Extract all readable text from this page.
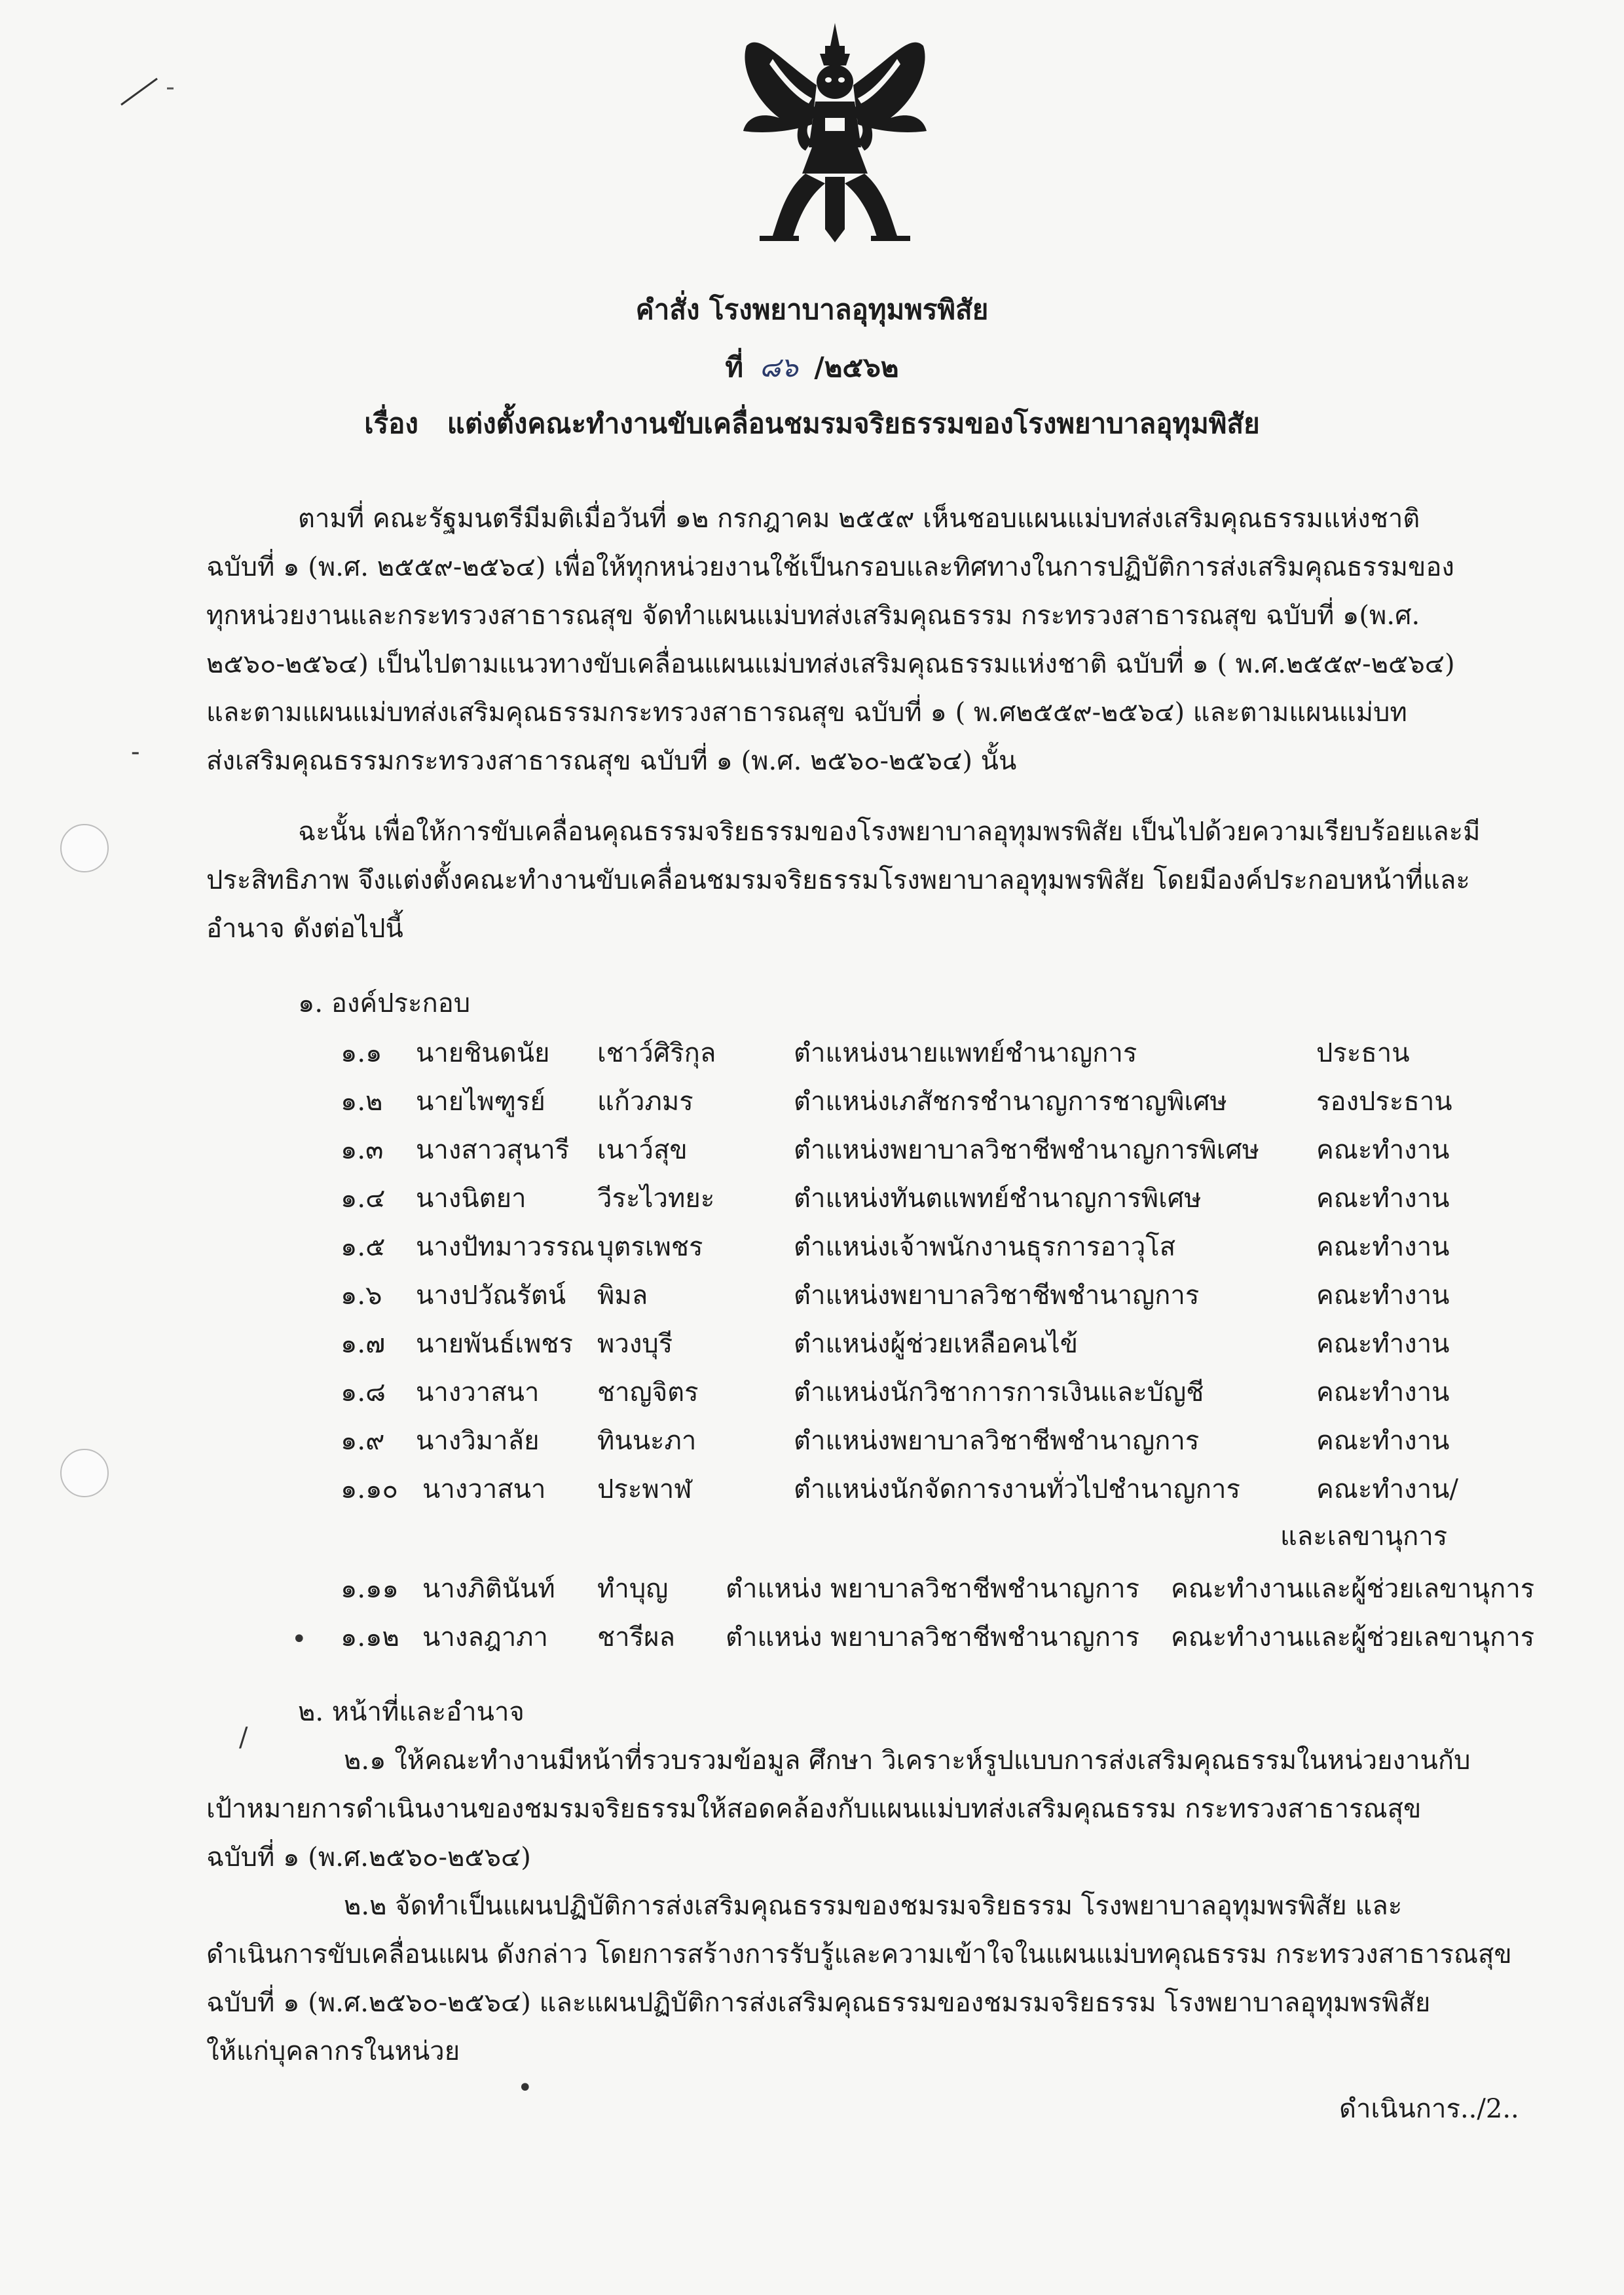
คำสั่ง โรงพยาบาลอุทุมพรพิสัย
ที่ ๘๖ /๒๕๖๒
เรื่อง แต่งตั้งคณะทำงานขับเคลื่อนชมรมจริยธรรมของโรงพยาบาลอุทุมพิสัย
ตามที่ คณะรัฐมนตรีมีมติเมื่อวันที่ ๑๒ กรกฎาคม ๒๕๕๙ เห็นชอบแผนแม่บทส่งเสริมคุณธรรมแห่งชาติ
ฉบับที่ ๑ (พ.ศ. ๒๕๕๙-๒๕๖๔) เพื่อให้ทุกหน่วยงานใช้เป็นกรอบและทิศทางในการปฏิบัติการส่งเสริมคุณธรรมของ
ทุกหน่วยงานและกระทรวงสาธารณสุข จัดทำแผนแม่บทส่งเสริมคุณธรรม กระทรวงสาธารณสุข ฉบับที่ ๑(พ.ศ.
๒๕๖๐-๒๕๖๔) เป็นไปตามแนวทางขับเคลื่อนแผนแม่บทส่งเสริมคุณธรรมแห่งชาติ ฉบับที่ ๑ ( พ.ศ.๒๕๕๙-๒๕๖๔)
และตามแผนแม่บทส่งเสริมคุณธรรมกระทรวงสาธารณสุข ฉบับที่ ๑ ( พ.ศ๒๕๕๙-๒๕๖๔) และตามแผนแม่บท
ส่งเสริมคุณธรรมกระทรวงสาธารณสุข ฉบับที่ ๑ (พ.ศ. ๒๕๖๐-๒๕๖๔) นั้น
ฉะนั้น เพื่อให้การขับเคลื่อนคุณธรรมจริยธรรมของโรงพยาบาลอุทุมพรพิสัย เป็นไปด้วยความเรียบร้อยและมี
ประสิทธิภาพ จึงแต่งตั้งคณะทำงานขับเคลื่อนชมรมจริยธรรมโรงพยาบาลอุทุมพรพิสัย โดยมีองค์ประกอบหน้าที่และ
อำนาจ ดังต่อไปนี้
๑. องค์ประกอบ
๑.๑ นายชินดนัย เชาว์ศิริกุล	ตำแหน่งนายแพทย์ชำนาญการ	ประธาน
๑.๒ นายไพฑูรย์ แก้วภมร	ตำแหน่งเภสัชกรชำนาญการชาญพิเศษ	รองประธาน
๑.๓ นางสาวสุนารี เนาว์สุข	ตำแหน่งพยาบาลวิชาชีพชำนาญการพิเศษ คณะทำงาน
๑.๔ นางนิตยา	วีระไวทยะ	ตำแหน่งทันตแพทย์ชำนาญการพิเศษ	คณะทำงาน
๑.๕ นางปัทมาวรรณ บุตรเพชร	ตำแหน่งเจ้าพนักงานธุรการอาวุโส	คณะทำงาน
๑.๖ นางปวัณรัตน์ พิมล	ตำแหน่งพยาบาลวิชาชีพชำนาญการ	คณะทำงาน
๑.๗ นายพันธ์เพชร พวงบุรี	ตำแหน่งผู้ช่วยเหลือคนไข้	คณะทำงาน
๑.๘ นางวาสนา ชาญจิตร	ตำแหน่งนักวิชาการการเงินและบัญชี	คณะทำงาน
๑.๙ นางวิมาลัย ทินนะภา	ตำแหน่งพยาบาลวิชาชีพชำนาญการ	คณะทำงาน
๑.๑๐ นางวาสนา ประพาฬ	ตำแหน่งนักจัดการงานทั่วไปชำนาญการ	คณะทำงาน/
และเลขานุการ
๑.๑๑ นางภิตินันท์ ทำบุญ ตำแหน่ง พยาบาลวิชาชีพชำนาญการ คณะทำงานและผู้ช่วยเลขานุการ
๑.๑๒ นางลฎาภา ชารีผล ตำแหน่ง พยาบาลวิชาชีพชำนาญการ คณะทำงานและผู้ช่วยเลขานุการ
๒. หน้าที่และอำนาจ
๒.๑ ให้คณะทำงานมีหน้าที่รวบรวมข้อมูล ศึกษา วิเคราะห์รูปแบบการส่งเสริมคุณธรรมในหน่วยงานกับ
เป้าหมายการดำเนินงานของชมรมจริยธรรมให้สอดคล้องกับแผนแม่บทส่งเสริมคุณธรรม กระทรวงสาธารณสุข
ฉบับที่ ๑ (พ.ศ.๒๕๖๐-๒๕๖๔)
๒.๒ จัดทำเป็นแผนปฏิบัติการส่งเสริมคุณธรรมของชมรมจริยธรรม โรงพยาบาลอุทุมพรพิสัย และ
ดำเนินการขับเคลื่อนแผน ดังกล่าว โดยการสร้างการรับรู้และความเข้าใจในแผนแม่บทคุณธรรม กระทรวงสาธารณสุข
ฉบับที่ ๑ (พ.ศ.๒๕๖๐-๒๕๖๔) และแผนปฏิบัติการส่งเสริมคุณธรรมของชมรมจริยธรรม โรงพยาบาลอุทุมพรพิสัย
ให้แก่บุคลากรในหน่วย
ดำเนินการ../2..
-
•
•
/
